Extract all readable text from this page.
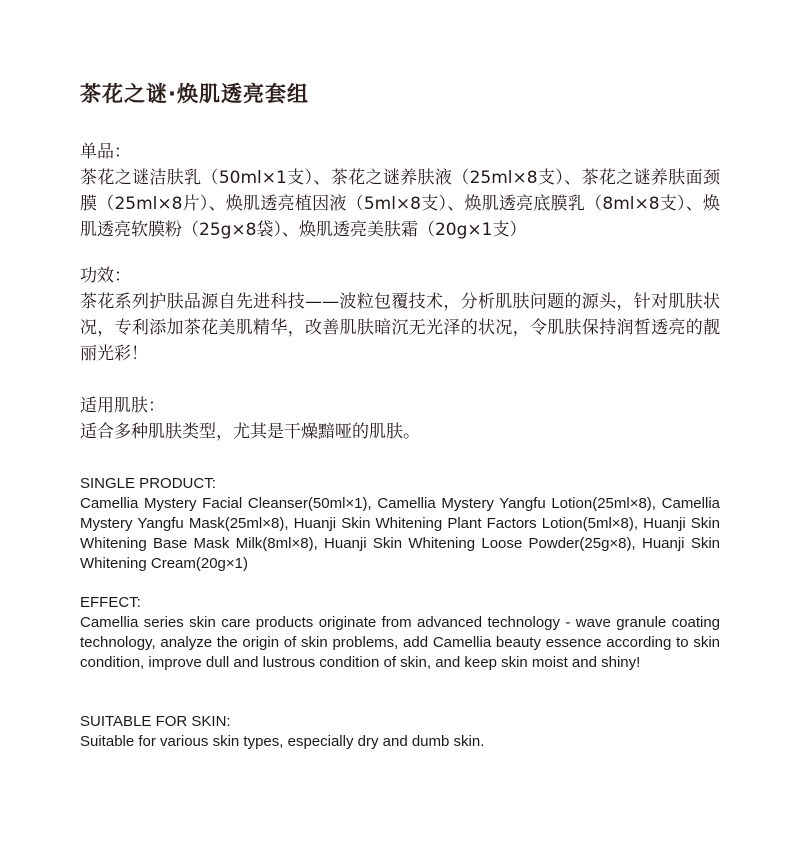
茶花之谜·焕肌透亮套组
单品：
茶花之谜洁肤乳（50ml×1支）、茶花之谜养肤液（25ml×8支）、茶花之谜养肤面颈膜（25ml×8片）、焕肌透亮植因液（5ml×8支）、焕肌透亮底膜乳（8ml×8支）、焕肌透亮软膜粉（25g×8袋）、焕肌透亮美肤霜（20g×1支）
功效：
茶花系列护肤品源自先进科技——波粒包覆技术，分析肌肤问题的源头，针对肌肤状况，专利添加茶花美肌精华，改善肌肤暗沉无光泽的状况，令肌肤保持润皙透亮的靓丽光彩！
适用肌肤：
适合多种肌肤类型，尤其是干燥黯哑的肌肤。
SINGLE PRODUCT:
Camellia Mystery Facial Cleanser(50ml×1), Camellia Mystery Yangfu Lotion(25ml×8), Camellia Mystery Yangfu Mask(25ml×8), Huanji Skin Whitening Plant Factors Lotion(5ml×8), Huanji Skin Whitening Base Mask Milk(8ml×8), Huanji Skin Whitening Loose Powder(25g×8), Huanji Skin Whitening Cream(20g×1)
EFFECT:
Camellia series skin care products originate from advanced technology - wave granule coating technology, analyze the origin of skin problems, add Camellia beauty essence according to skin condition, improve dull and lustrous condition of skin, and keep skin moist and shiny!
SUITABLE FOR SKIN:
Suitable for various skin types, especially dry and dumb skin.
